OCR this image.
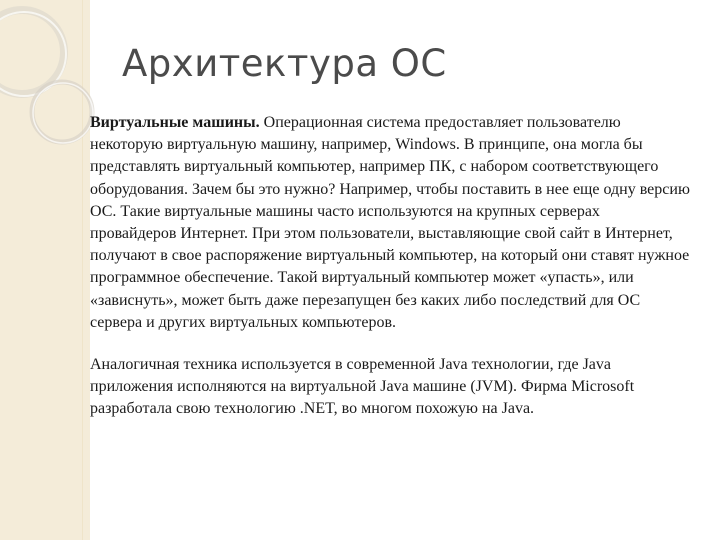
Архитектура ОС

Виртуальные машины. Операционная система предоставляет пользователю некоторую виртуальную машину, например, Windows. В принципе, она могла бы представлять виртуальный компьютер, например ПК, с набором соответствующего оборудования. Зачем бы это нужно? Например, чтобы поставить в нее еще одну версию ОС. Такие виртуальные машины часто используются на крупных серверах провайдеров Интернет. При этом пользователи, выставляющие свой сайт в Интернет, получают в свое распоряжение виртуальный компьютер, на который они ставят нужное программное обеспечение. Такой виртуальный компьютер может «упасть», или «зависнуть», может быть даже перезапущен без каких либо последствий для ОС сервера и других виртуальных компьютеров.

Аналогичная техника используется в современной Java технологии, где Java приложения исполняются на виртуальной Java машине (JVM). Фирма Microsoft разработала свою технологию .NET, во многом похожую на Java.
